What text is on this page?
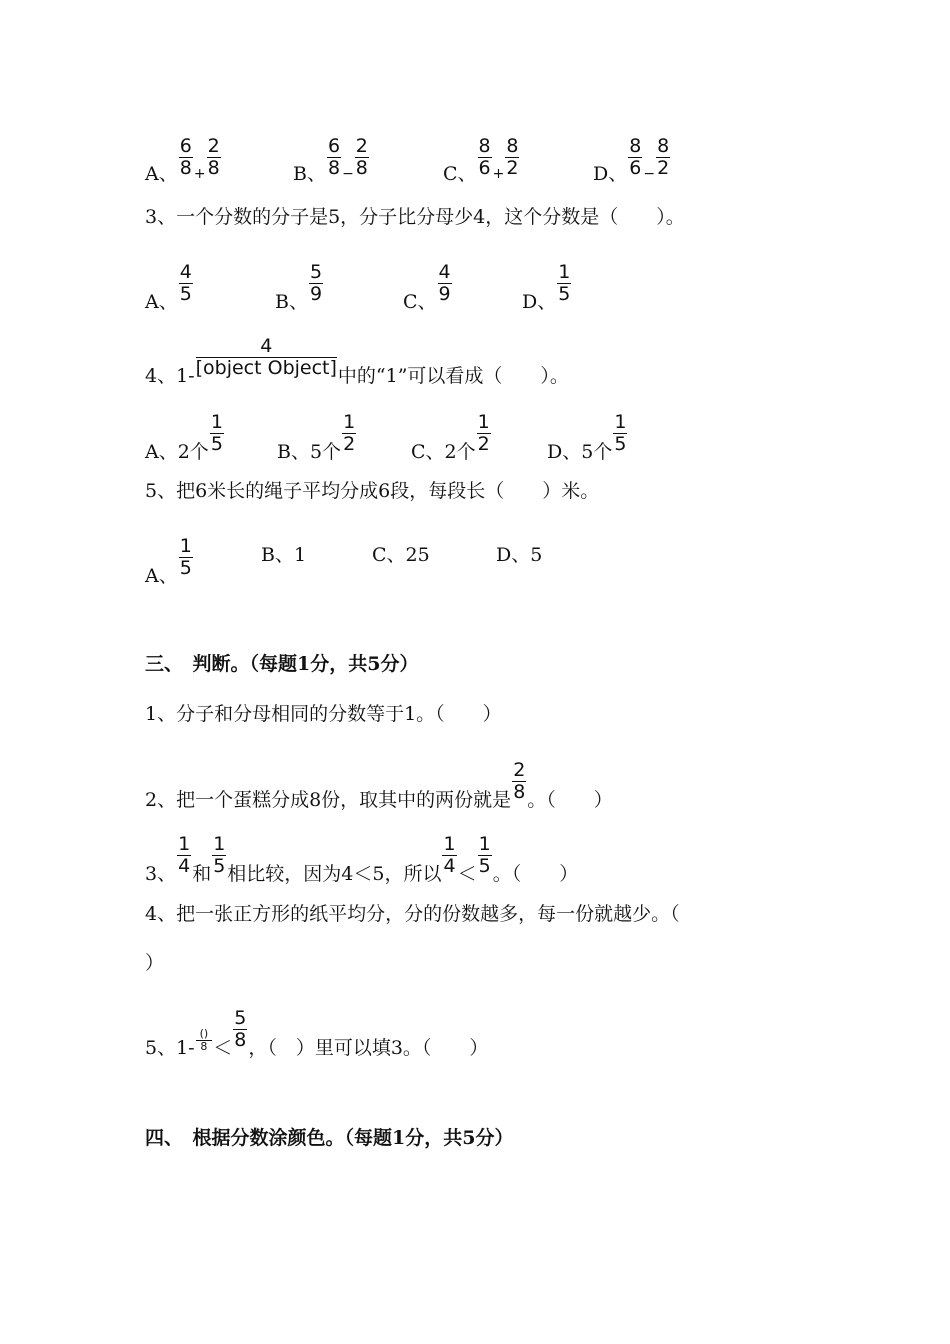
A、 $\frac{6}{8} + \frac{2}{8}$	B、 $\frac{6}{8} - \frac{2}{8}$	C、 $\frac{8}{6} + \frac{8}{2}$	D、 $\frac{8}{6} - \frac{8}{2}$
3、一个分数的分子是5，分子比分母少4，这个分数是（　　）。
A、 $\frac{4}{5}$	B、 $\frac{5}{9}$	C、 $\frac{4}{9}$	D、 $\frac{1}{5}$
4、$1- \frac{4}{\text{[object Object]}}$ 中的“1”可以看成（　　）。
A、2个 $\frac{1}{5}$	B、5个 $\frac{1}{2}$	C、2个 $\frac{1}{2}$	D、5个 $\frac{1}{5}$
5、把6米长的绳子平均分成6段，每段长（　　）米。
A、 $\frac{1}{5}$	B、1	C、25	D、5
三、　判断。（每题1分，共5分）
1、分子和分母相同的分数等于1。（　　）
2、把一个蛋糕分成8份，取其中的两份就是 $\frac{2}{8}$ 。（　　）
3、 $\frac{1}{4}$ 和 $\frac{1}{5}$ 相比较，因为4＜5，所以 $\frac{1}{4} < \frac{1}{5}$ 。（　　）
4、把一张正方形的纸平均分，分的份数越多，每一份就越少。（
）
5、$1- \frac{()}{8} < \frac{5}{8}$ ，（　）里可以填3。（　　）
四、　根据分数涂颜色。（每题1分，共5分）
